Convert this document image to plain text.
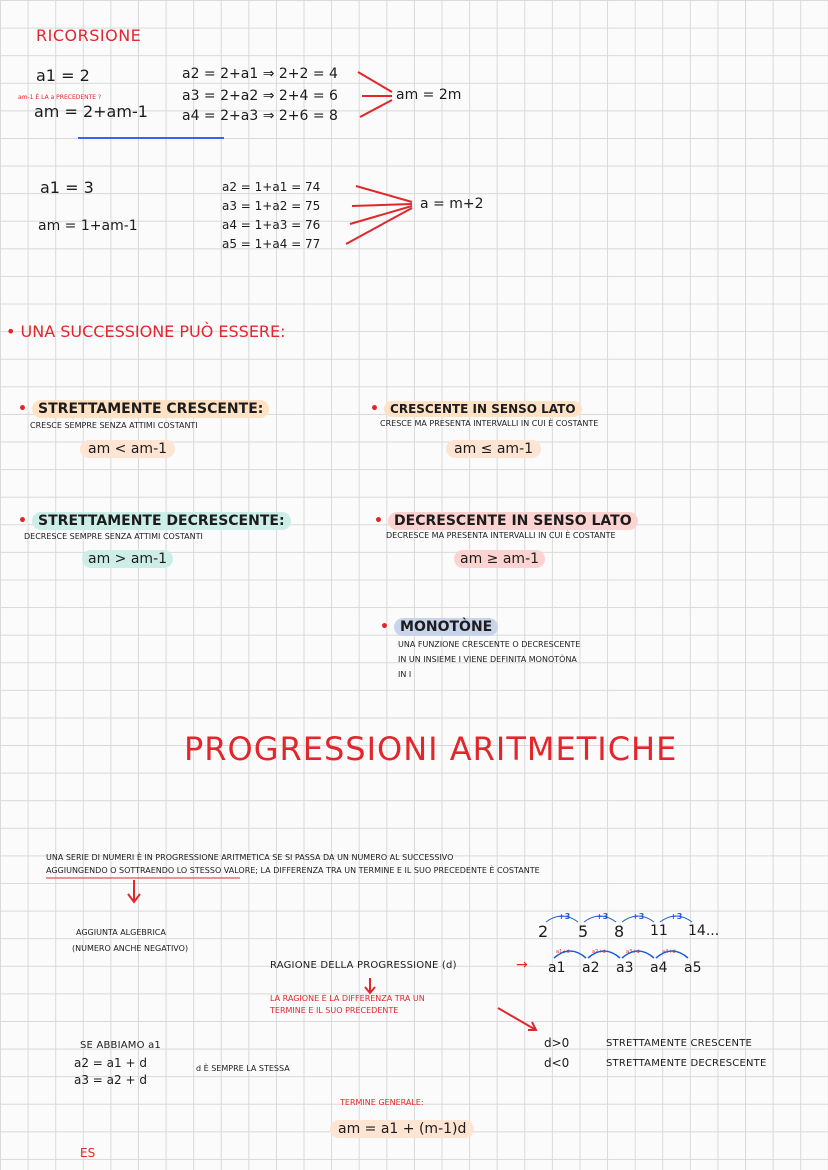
RICORSIONE
a1 = 2
am-1 È LA a PRECEDENTE ?
am = 2+am-1
a2 = 2+a1 ⇒ 2+2 = 4
a3 = 2+a2 ⇒ 2+4 = 6
a4 = 2+a3 ⇒ 2+6 = 8
am = 2m
a1 = 3
am = 1+am-1
a2 = 1+a1 = 74
a3 = 1+a2 = 75
a4 = 1+a3 = 76
a5 = 1+a4 = 77
a = m+2
• UNA SUCCESSIONE PUÒ ESSERE:
• STRETTAMENTE CRESCENTE:
CRESCE SEMPRE SENZA ATTIMI COSTANTI
am < am-1
• CRESCENTE IN SENSO LATO
CRESCE MA PRESENTA INTERVALLI IN CUI È COSTANTE
am ≤ am-1
• STRETTAMENTE DECRESCENTE:
DECRESCE SEMPRE SENZA ATTIMI COSTANTI
am > am-1
• DECRESCENTE IN SENSO LATO
DECRESCE MA PRESENTA INTERVALLI IN CUI È COSTANTE
am ≥ am-1
• MONOTÒNE
UNA FUNZIONE CRESCENTE O DECRESCENTE
IN UN INSIEME I VIENE DEFINITA MONOTÒNA
IN I
PROGRESSIONI ARITMETICHE
UNA SERIE DI NUMERI È IN PROGRESSIONE ARITMETICA SE SI PASSA DA UN NUMERO AL SUCCESSIVO
AGGIUNGENDO O SOTTRAENDO LO STESSO VALORE; LA DIFFERENZA TRA UN TERMINE E IL SUO PRECEDENTE È COSTANTE
AGGIUNTA ALGEBRICA
(NUMERO ANCHE NEGATIVO)
2 5 8 11 14...
+3	+3	+3	+3
RAGIONE DELLA PROGRESSIONE (d)	→ a1 a2 a3 a4 a5
a1+d	a2+d	a3+d	a4+d
LA RAGIONE È LA DIFFERENZA TRA UN
TERMINE E IL SUO PRECEDENTE
SE ABBIAMO a1
a2 = a1 + d
a3 = a2 + d
d È SEMPRE LA STESSA
d>0	STRETTAMENTE CRESCENTE
d<0	STRETTAMENTE DECRESCENTE
TERMINE GENERALE:
am = a1 + (m-1)d
ES
